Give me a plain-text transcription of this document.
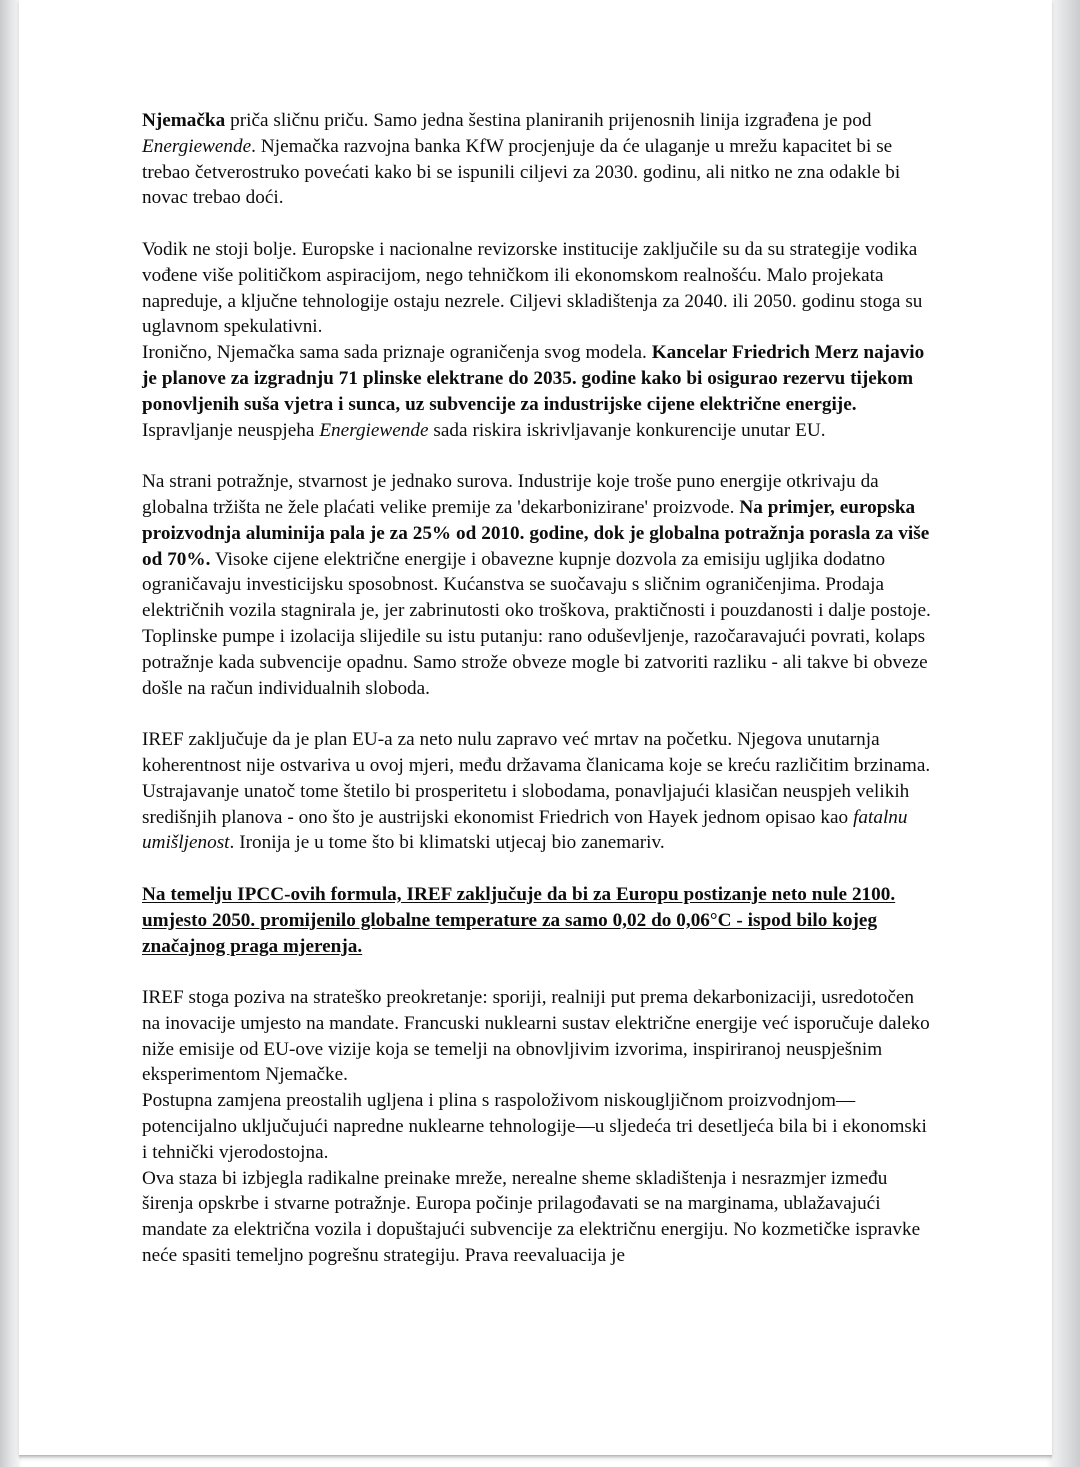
Njemačka priča sličnu priču. Samo jedna šestina planiranih prijenosnih linija izgrađena je pod Energiewende. Njemačka razvojna banka KfW procjenjuje da će ulaganje u mrežu kapacitet bi se trebao četverostruko povećati kako bi se ispunili ciljevi za 2030. godinu, ali nitko ne zna odakle bi novac trebao doći.

Vodik ne stoji bolje. Europske i nacionalne revizorske institucije zaključile su da su strategije vodika vođene više političkom aspiracijom, nego tehničkom ili ekonomskom realnošću. Malo projekata napreduje, a ključne tehnologije ostaju nezrele. Ciljevi skladištenja za 2040. ili 2050. godinu stoga su uglavnom spekulativni.

Ironično, Njemačka sama sada priznaje ograničenja svog modela. Kancelar Friedrich Merz najavio je planove za izgradnju 71 plinske elektrane do 2035. godine kako bi osigurao rezervu tijekom ponovljenih suša vjetra i sunca, uz subvencije za industrijske cijene električne energije. Ispravljanje neuspjeha Energiewende sada riskira iskrivljavanje konkurencije unutar EU.

Na strani potražnje, stvarnost je jednako surova. Industrije koje troše puno energije otkrivaju da globalna tržišta ne žele plaćati velike premije za 'dekarbonizirane' proizvode. Na primjer, europska proizvodnja aluminija pala je za 25% od 2010. godine, dok je globalna potražnja porasla za više od 70%. Visoke cijene električne energije i obavezne kupnje dozvola za emisiju ugljika dodatno ograničavaju investicijsku sposobnost. Kućanstva se suočavaju s sličnim ograničenjima. Prodaja električnih vozila stagnirala je, jer zabrinutosti oko troškova, praktičnosti i pouzdanosti i dalje postoje. Toplinske pumpe i izolacija slijedile su istu putanju: rano oduševljenje, razočaravajući povrati, kolaps potražnje kada subvencije opadnu. Samo strože obveze mogle bi zatvoriti razliku - ali takve bi obveze došle na račun individualnih sloboda.

IREF zaključuje da je plan EU-a za neto nulu zapravo već mrtav na početku. Njegova unutarnja koherentnost nije ostvariva u ovoj mjeri, među državama članicama koje se kreću različitim brzinama. Ustrajavanje unatoč tome štetilo bi prosperitetu i slobodama, ponavljajući klasičan neuspjeh velikih središnjih planova - ono što je austrijski ekonomist Friedrich von Hayek jednom opisao kao fatalnu umišljenost. Ironija je u tome što bi klimatski utjecaj bio zanemariv.

Na temelju IPCC-ovih formula, IREF zaključuje da bi za Europu postizanje neto nule 2100. umjesto 2050. promijenilo globalne temperature za samo 0,02 do 0,06°C - ispod bilo kojeg značajnog praga mjerenja.

IREF stoga poziva na strateško preokretanje: sporiji, realniji put prema dekarbonizaciji, usredotočen na inovacije umjesto na mandate. Francuski nuklearni sustav električne energije već isporučuje daleko niže emisije od EU-ove vizije koja se temelji na obnovljivim izvorima, inspiriranoj neuspješnim eksperimentom Njemačke.

Postupna zamjena preostalih ugljena i plina s raspoloživom niskougljičnom proizvodnjom—potencijalno uključujući napredne nuklearne tehnologije—u sljedeća tri desetljeća bila bi i ekonomski i tehnički vjerodostojna.

Ova staza bi izbjegla radikalne preinake mreže, nerealne sheme skladištenja i nesrazmjer između širenja opskrbe i stvarne potražnje. Europa počinje prilagođavati se na marginama, ublažavajući mandate za električna vozila i dopuštajući subvencije za električnu energiju. No kozmetičke ispravke neće spasiti temeljno pogrešnu strategiju. Prava reevaluacija je
